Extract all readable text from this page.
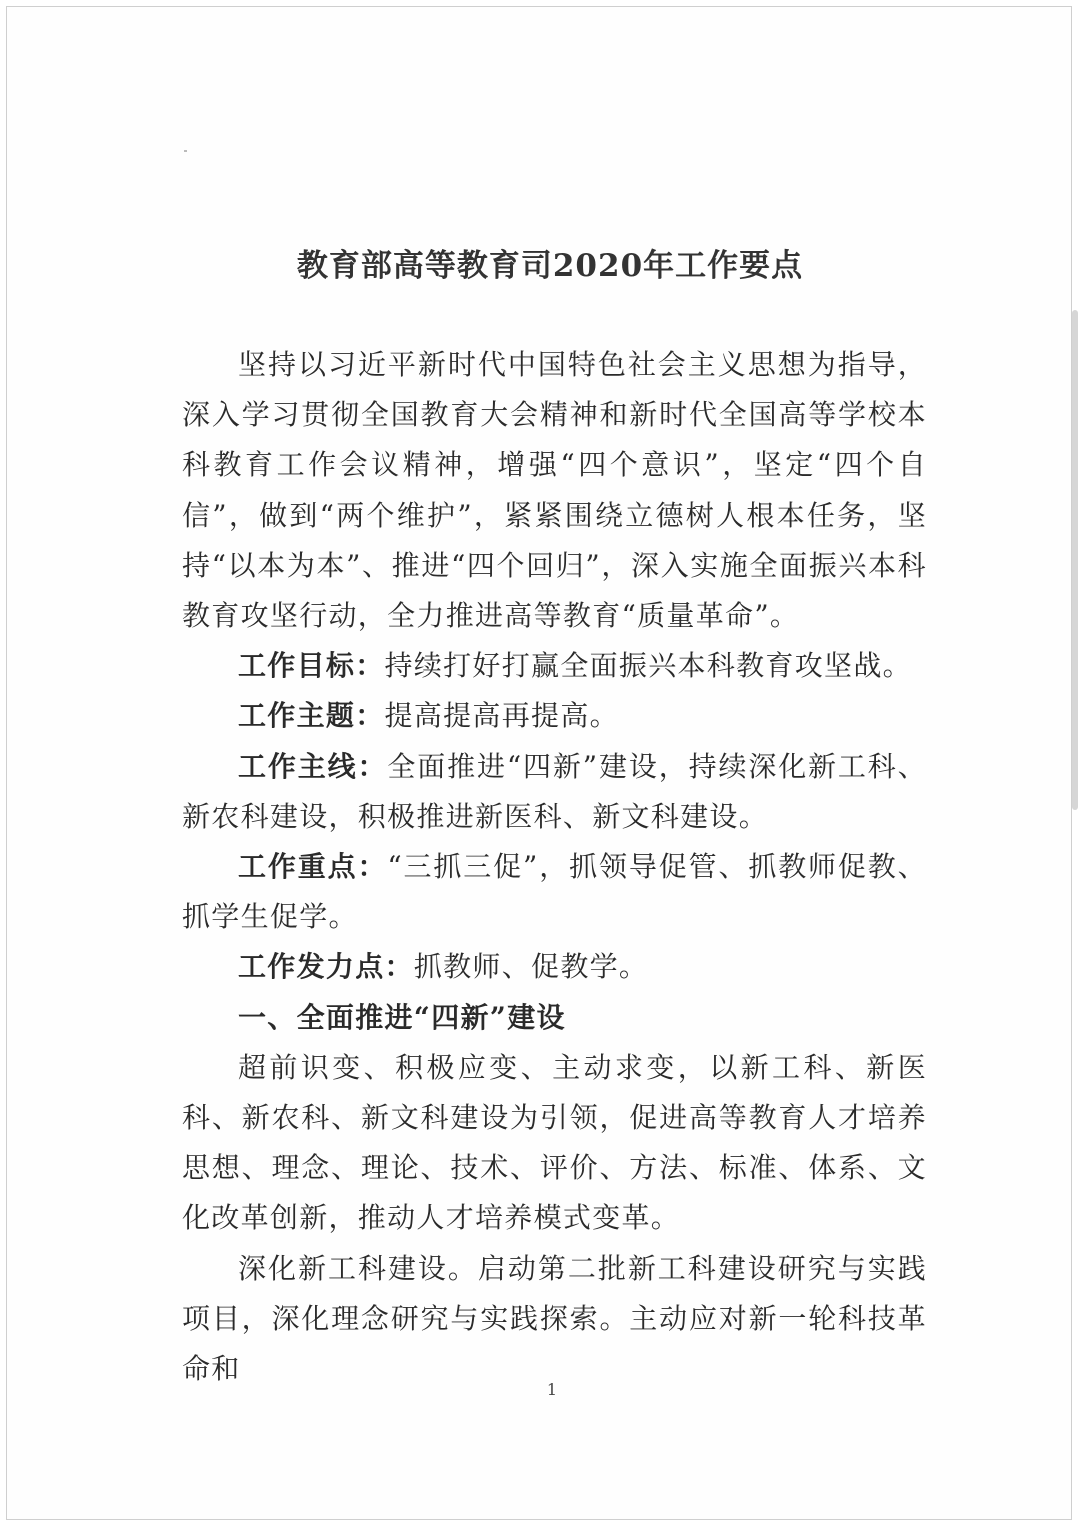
教育部高等教育司2020年工作要点

坚持以习近平新时代中国特色社会主义思想为指导，深入学习贯彻全国教育大会精神和新时代全国高等学校本科教育工作会议精神，增强“四个意识”，坚定“四个自信”，做到“两个维护”，紧紧围绕立德树人根本任务，坚持“以本为本”、推进“四个回归”，深入实施全面振兴本科教育攻坚行动，全力推进高等教育“质量革命”。

工作目标：持续打好打赢全面振兴本科教育攻坚战。

工作主题：提高提高再提高。

工作主线：全面推进“四新”建设，持续深化新工科、新农科建设，积极推进新医科、新文科建设。

工作重点：“三抓三促”，抓领导促管、抓教师促教、抓学生促学。

工作发力点：抓教师、促教学。

一、全面推进“四新”建设

超前识变、积极应变、主动求变，以新工科、新医科、新农科、新文科建设为引领，促进高等教育人才培养思想、理念、理论、技术、评价、方法、标准、体系、文化改革创新，推动人才培养模式变革。

深化新工科建设。启动第二批新工科建设研究与实践项目，深化理念研究与实践探索。主动应对新一轮科技革命和

1
